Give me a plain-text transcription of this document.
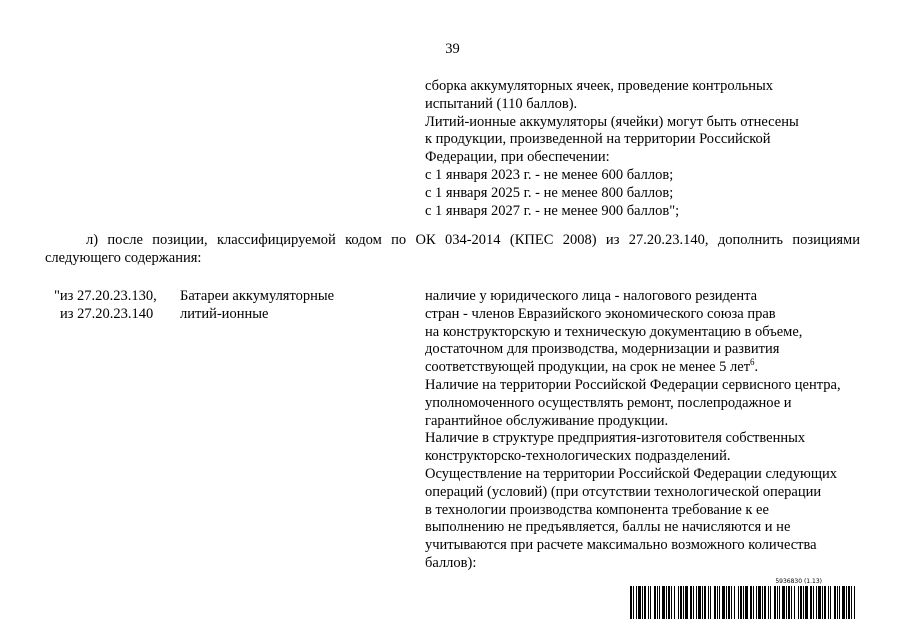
39
сборка аккумуляторных ячеек, проведение контрольных
испытаний (110 баллов).
Литий-ионные аккумуляторы (ячейки) могут быть отнесены
к продукции, произведенной на территории Российской
Федерации, при обеспечении:
с 1 января 2023 г. - не менее 600 баллов;
с 1 января 2025 г. - не менее 800 баллов;
с 1 января 2027 г. - не менее 900 баллов";
л) после позиции, классифицируемой кодом по ОК 034-2014 (КПЕС 2008) из 27.20.23.140, дополнить позициями
следующего содержания:
"из 27.20.23.130,
из 27.20.23.140
Батареи аккумуляторные
литий-ионные
наличие у юридического лица - налогового резидента
стран - членов Евразийского экономического союза прав
на конструкторскую и техническую документацию в объеме,
достаточном для производства, модернизации и развития
соответствующей продукции, на срок не менее 5 лет$^6$.
Наличие на территории Российской Федерации сервисного центра,
уполномоченного осуществлять ремонт, послепродажное и
гарантийное обслуживание продукции.
Наличие в структуре предприятия-изготовителя собственных
конструкторско-технологических подразделений.
Осуществление на территории Российской Федерации следующих
операций (условий) (при отсутствии технологической операции
в технологии производства компонента требование к ее
выполнению не предъявляется, баллы не начисляются и не
учитываются при расчете максимально возможного количества
баллов):
5936830 (1.13)
